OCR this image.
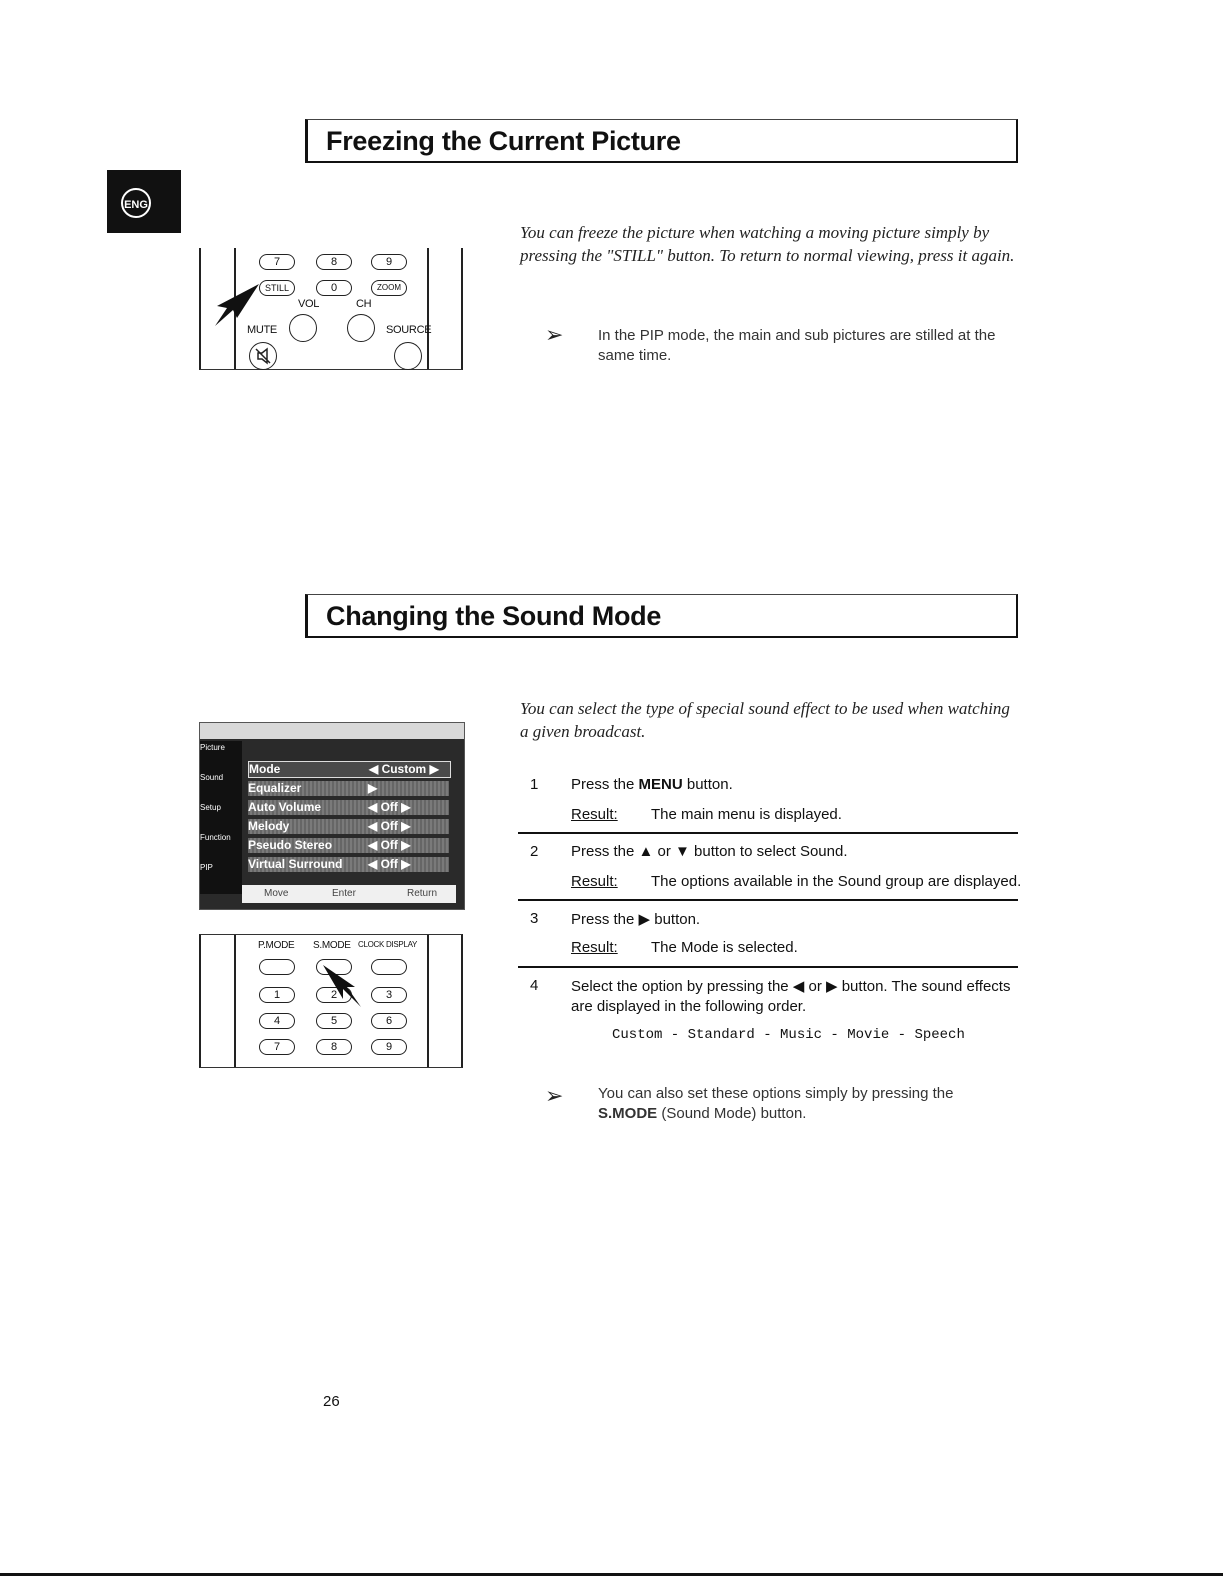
ENG
Freezing the Current Picture
7	8	9
STILL	0	ZOOM
VOL	CH
MUTE	SOURCE
You can freeze the picture when watching a moving picture simply by pressing the "STILL" button. To return to normal viewing, press it again.
➢ In the PIP mode, the main and sub pictures are stilled at the same time.
Changing the Sound Mode
Picture
Sound
Setup
Function
PIP
Mode	◀ Custom ▶
Equalizer	▶
Auto Volume	◀ Off ▶
Melody	◀ Off ▶
Pseudo Stereo	◀ Off ▶
Virtual Surround ◀ Off ▶
Move	Enter	Return
P.MODE S.MODE CLOCK DISPLAY
1	2	3
4	5	6
7	8	9
You can select the type of special sound effect to be used when watching a given broadcast.
1 Press the MENU button.
Result: The main menu is displayed.
2 Press the ▲ or ▼ button to select Sound.
Result: The options available in the Sound group are displayed.
3 Press the ▶ button.
Result: The Mode is selected.
4 Select the option by pressing the ◀ or ▶ button. The sound effects are displayed in the following order.
Custom - Standard - Music - Movie - Speech
➢ You can also set these options simply by pressing the S.MODE (Sound Mode) button.
26
